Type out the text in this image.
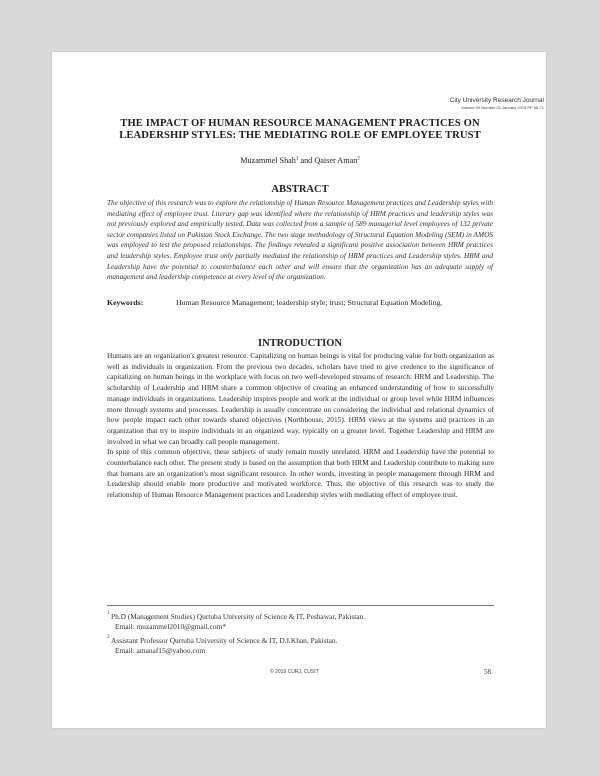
City University Research Journal
Volume 09 Number 01 January 2019 PP 58-71
THE IMPACT OF HUMAN RESOURCE MANAGEMENT PRACTICES ON LEADERSHIP STYLES: THE MEDIATING ROLE OF EMPLOYEE TRUST
Muzammel Shah$^1$ and Qaiser Aman$^2$
ABSTRACT
The objective of this research was to explore the relationship of Human Resource Management practices and Leadership styles with mediating effect of employee trust. Literary gap was identified where the relationship of HRM practices and leadership styles was not previously explored and empirically tested. Data was collected from a sample of 589 managerial level employees of 132 private sector companies listed on Pakistan Stock Exchange. The two stage methodology of Structural Equation Modeling (SEM) in AMOS was employed to test the proposed relationships. The findings revealed a significant positive association between HRM practices and leadership styles. Employee trust only partially mediated the relationship of HRM practices and Leadership styles. HRM and Leadership have the potential to counterbalance each other and will ensure that the organization has an adequate supply of management and leadership competence at every level of the organization.
Keywords:	Human Resource Management; leadership style; trust; Structural Equation Modeling.
INTRODUCTION

Humans are an organization's greatest resource. Capitalizing on human beings is vital for producing value for both organization as well as individuals in organization. From the previous two decades, scholars have tried to give credence to the significance of capitalizing on human beings in the workplace with focus on two well-developed streams of research: HRM and Leadership. The scholarship of Leadership and HRM share a common objective of creating an enhanced understanding of how to successfully manage individuals in organizations. Leadership inspires people and work at the individual or group level while HRM influences more through systems and processes. Leadership is usually concentrate on considering the individual and relational dynamics of how people impact each other towards shared objectives (Northhouse, 2015). HRM views at the systems and practices in an organization that try to inspire individuals in an organized way, typically on a greater level. Together Leadership and HRM are involved in what we can broadly call people management.

In spite of this common objective, these subjects of study remain mostly unrelated. HRM and Leadership have the potential to counterbalance each other. The present study is based on the assumption that both HRM and Leadership contribute to making sure that humans are an organization's most significant resource. In other words, investing in people management through HRM and Leadership should enable more productive and motivated workforce. Thus, the objective of this research was to study the relationship of Human Resource Management practices and Leadership styles with mediating effect of employee trust.

1 Ph.D (Management Studies) Qurtuba University of Science & IT, Peshawar, Pakistan.
Email: muzammel2010@gmail.com*
2 Assistant Professor Qurtuba University of Science & IT, D.I.Khan, Pakistan.
Email: amanaf15@yahoo.com
© 2019 CURJ, CUSIT	58
